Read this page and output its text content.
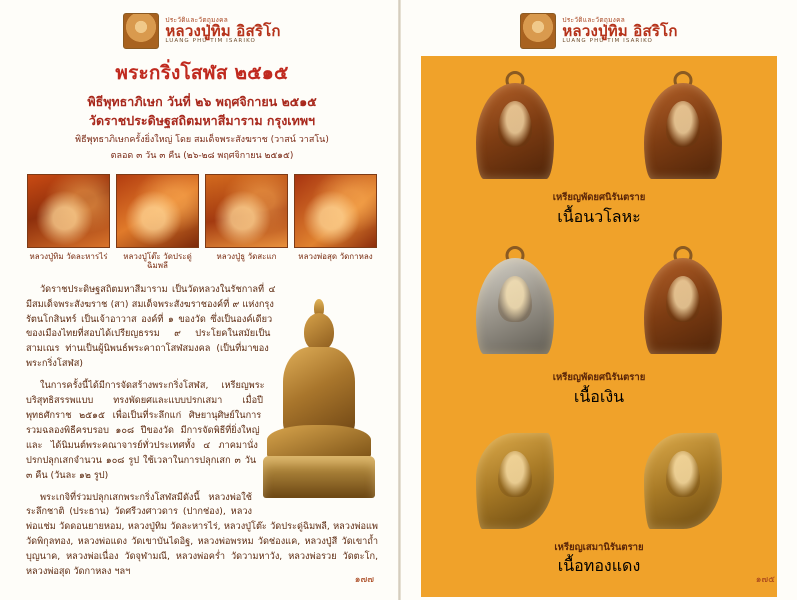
ประวัติและวัตถุมงคล
หลวงปู่ทิม อิสริโก
LUANG PHU TIM ISARIKO
พระกริ่งโสฬส ๒๕๑๕
พิธีพุทธาภิเษก วันที่ ๒๖ พฤศจิกายน ๒๕๑๕
วัดราชประดิษฐสถิตมหาสีมาราม กรุงเทพฯ
พิธีพุทธาภิเษกครั้งยิ่งใหญ่ โดย สมเด็จพระสังฆราช (วาสน์ วาสโน)
ตลอด ๓ วัน ๓ คืน (๒๖-๒๘ พฤศจิกายน ๒๕๑๕)
หลวงปู่ทิม วัดละหารไร่	หลวงปู่โต๊ะ วัดประดู่ฉิมพลี
หลวงปู่ธู วัดสะแก	หลวงพ่อสุด วัดกาหลง

วัดราชประดิษฐสถิตมหาสีมาราม เป็นวัดหลวงในรัชกาลที่ ๔ มีสมเด็จพระสังฆราช (สา) สมเด็จพระสังฆราชองค์ที่ ๙ แห่งกรุงรัตนโกสินทร์ เป็นเจ้าอาวาส องค์ที่ ๑ ของวัด ซึ่งเป็นองค์เดียวของเมืองไทยที่สอบได้เปรียญธรรม ๙ ประโยคในสมัยเป็น สามเณร ท่านเป็นผู้นิพนธ์พระคาถาโสฬสมงคล (เป็นที่มาของพระกริ่งโสฬส)

ในการครั้งนี้ได้มีการจัดสร้างพระกริ่งโสฬส, เหรียญพระบริสุทธิสรรพแบบ ทรงพัดยศและแบบปรกเสมา เมื่อปีพุทธศักราช ๒๕๑๕ เพื่อเป็นที่ระลึกแก่ ศิษยานุศิษย์ในการรวมฉลองพิธีครบรอบ ๑๐๘ ปีของวัด มีการจัดพิธีที่ยิ่งใหญ่และ ได้นิมนต์พระคณาจารย์ทั่วประเทศทั้ง ๔ ภาคมานั่งปรกปลุกเสกจำนวน ๑๐๘ รูป ใช้เวลาในการปลุกเสก ๓ วัน ๓ คืน (วันละ ๑๒ รูป)

พระเกจิที่ร่วมปลุกเสกพระกริ่งโสฬสมีดังนี้ หลวงพ่อใช้ ระลึกชาติ (ประธาน) วัดศรีวงศาวดาร (ปากช่อง), หลวงพ่อแช่ม วัดดอนยายหอม, หลวงปู่ทิม วัดละหารไร่, หลวงปู่โต๊ะ วัดประดู่ฉิมพลี, หลวงพ่อแพ วัดพิกุลทอง, หลวงพ่อแดง วัดเขาบันไดอิฐ, หลวงพ่อพรหม วัดช่องแค, หลวงปู่สี วัดเขาถ้ำบุญนาค, หลวงพ่อเนื่อง วัดจุฬามณี, หลวงพ่อคร่ำ วัดวามหาวัง, หลวงพ่อรวย วัดตะโก, หลวงพ่อสุด วัดกาหลง ฯลฯ

๑๗๗
ประวัติและวัตถุมงคล
หลวงปู่ทิม อิสริโก
LUANG PHU TIM ISARIKO
เหรียญพัดยศนิรันตราย
เนื้อนวโลหะ
เหรียญพัดยศนิรันตราย
เนื้อเงิน
เหรียญเสมานิรันตราย
เนื้อทองแดง
๑๗๕
